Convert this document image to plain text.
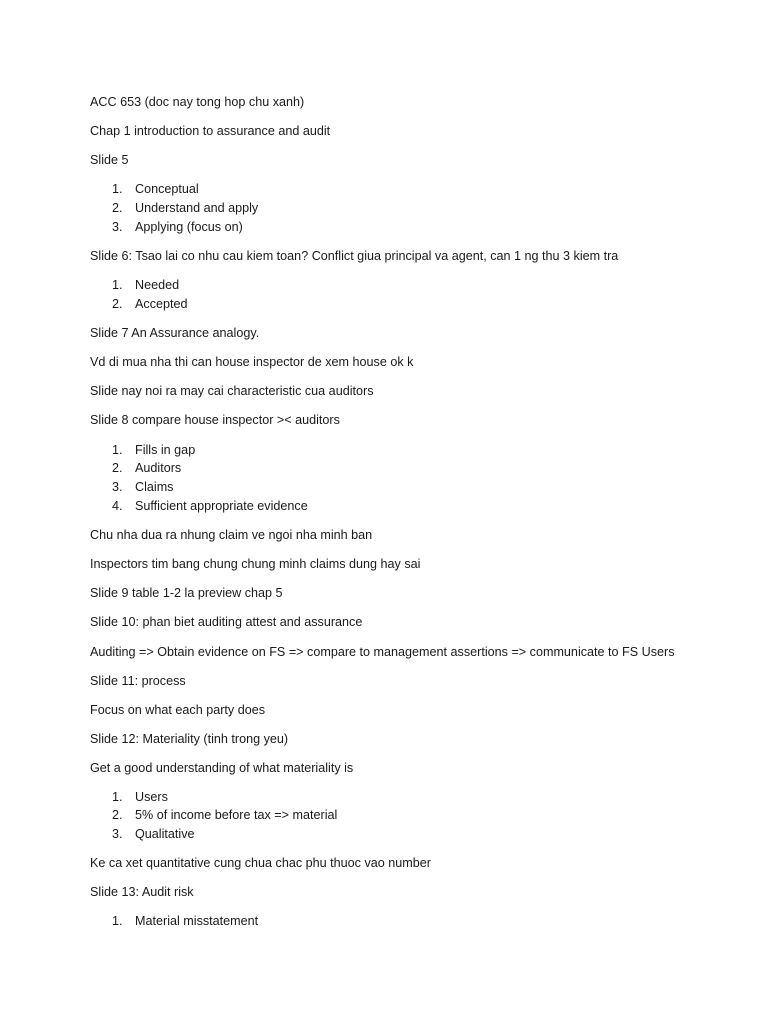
ACC 653 (doc nay tong hop chu xanh)
Chap 1 introduction to assurance and audit
Slide 5
1. Conceptual
2. Understand and apply
3. Applying (focus on)
Slide 6: Tsao lai co nhu cau kiem toan? Conflict giua principal va agent, can 1 ng thu 3 kiem tra
1. Needed
2. Accepted
Slide 7 An Assurance analogy.
Vd di mua nha thi can house inspector de xem house ok k
Slide nay noi ra may cai characteristic cua auditors
Slide 8 compare house inspector >< auditors
1. Fills in gap
2. Auditors
3. Claims
4. Sufficient appropriate evidence
Chu nha dua ra nhung claim ve ngoi nha minh ban
Inspectors tim bang chung chung minh claims dung hay sai
Slide 9 table 1-2 la preview chap 5
Slide 10: phan biet auditing attest and assurance
Auditing => Obtain evidence on FS => compare to management assertions => communicate to FS Users
Slide 11: process
Focus on what each party does
Slide 12: Materiality (tinh trong yeu)
Get a good understanding of what materiality is
1. Users
2. 5% of income before tax => material
3. Qualitative
Ke ca xet quantitative cung chua chac phu thuoc vao number
Slide 13: Audit risk
1. Material misstatement
